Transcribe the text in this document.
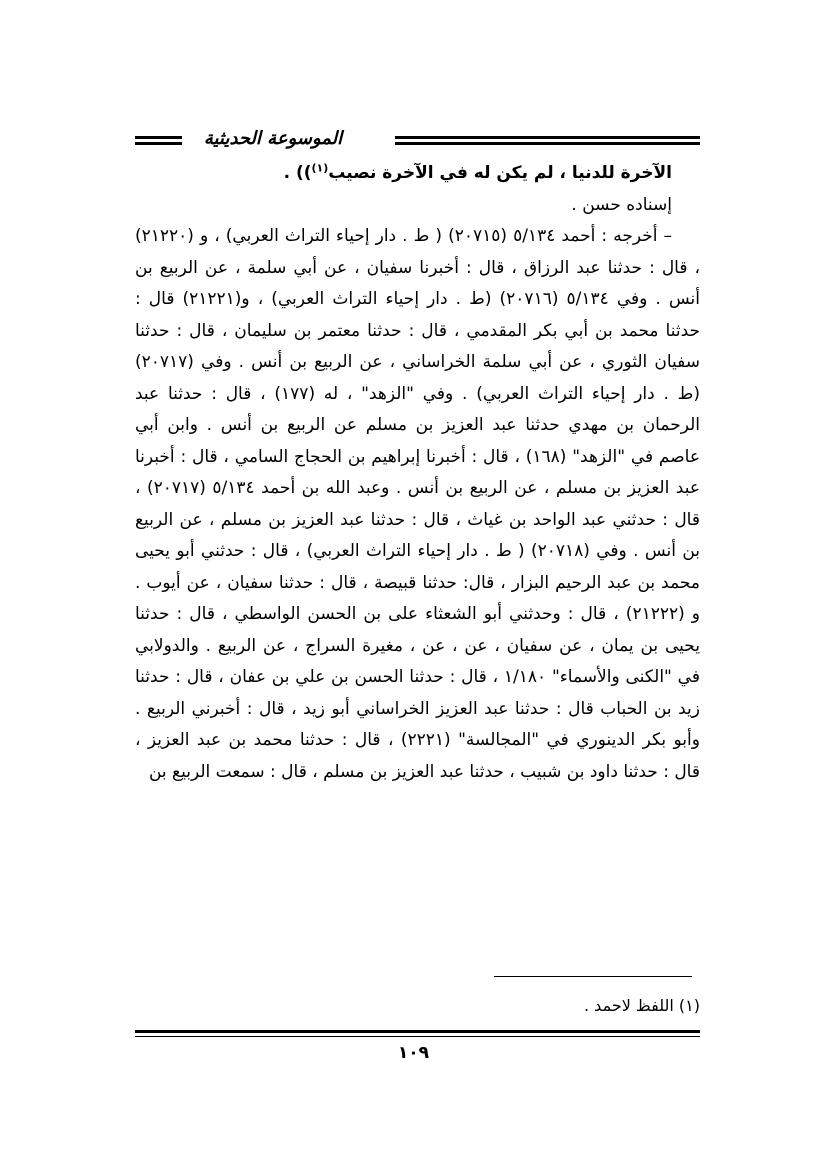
الموسوعة الحديثية

الآخرة للدنيا ، لم يكن له في الآخرة نصيب$^{(١)}$)) .

إسناده حسن .

– أخرجه : أحمد ٥/١٣٤ (٢٠٧١٥) ( ط . دار إحياء التراث العربي) ، و (٢١٢٢٠) ، قال : حدثنا عبد الرزاق ، قال : أخبرنا سفيان ، عن أبي سلمة ، عن الربيع بن أنس . وفي ٥/١٣٤ (٢٠٧١٦) (ط . دار إحياء التراث العربي) ، و(٢١٢٢١) قال : حدثنا محمد بن أبي بكر المقدمي ، قال : حدثنا معتمر بن سليمان ، قال : حدثنا سفيان الثوري ، عن أبي سلمة الخراساني ، عن الربيع بن أنس . وفي (٢٠٧١٧) (ط . دار إحياء التراث العربي) . وفي "الزهد" ، له (١٧٧) ، قال : حدثنا عبد الرحمان بن مهدي حدثنا عبد العزيز بن مسلم عن الربيع بن أنس . وابن أبي عاصم في "الزهد" (١٦٨) ، قال : أخبرنا إبراهيم بن الحجاج السامي ، قال : أخبرنا عبد العزيز بن مسلم ، عن الربيع بن أنس . وعبد الله بن أحمد ٥/١٣٤ (٢٠٧١٧) ، قال : حدثني عبد الواحد بن غياث ، قال : حدثنا عبد العزيز بن مسلم ، عن الربيع بن أنس . وفي (٢٠٧١٨) ( ط . دار إحياء التراث العربي) ، قال : حدثني أبو يحيى محمد بن عبد الرحيم البزار ، قال: حدثنا قبيصة ، قال : حدثنا سفيان ، عن أيوب . و (٢١٢٢٢) ، قال : وحدثني أبو الشعثاء على بن الحسن الواسطي ، قال : حدثنا يحيى بن يمان ، عن سفيان ، عن ، عن ، مغيرة السراج ، عن الربيع . والدولابي في "الكنى والأسماء" ١/١٨٠ ، قال : حدثنا الحسن بن علي بن عفان ، قال : حدثنا زيد بن الحباب قال : حدثنا عبد العزيز الخراساني أبو زيد ، قال : أخبرني الربيع . وأبو بكر الدينوري في "المجالسة" (٢٢٢١) ، قال : حدثنا محمد بن عبد العزيز ، قال : حدثنا داود بن شبيب ، حدثنا عبد العزيز بن مسلم ، قال : سمعت الربيع بن

(١) اللفظ لاحمد .
١٠٩
